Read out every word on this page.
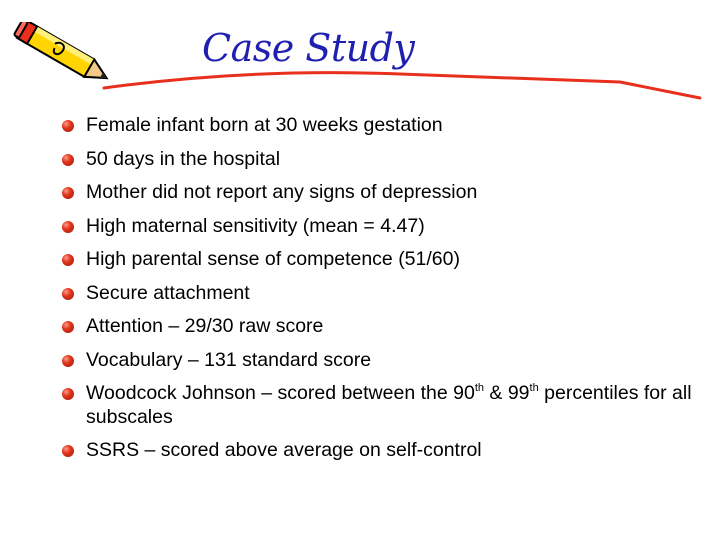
Case Study
Female infant born at 30 weeks gestation
50 days in the hospital
Mother did not report any signs of depression
High maternal sensitivity (mean = 4.47)
High parental sense of competence (51/60)
Secure attachment
Attention – 29/30 raw score
Vocabulary – 131 standard score
Woodcock Johnson – scored between the 90th & 99th percentiles for all subscales
SSRS – scored above average on self-control
